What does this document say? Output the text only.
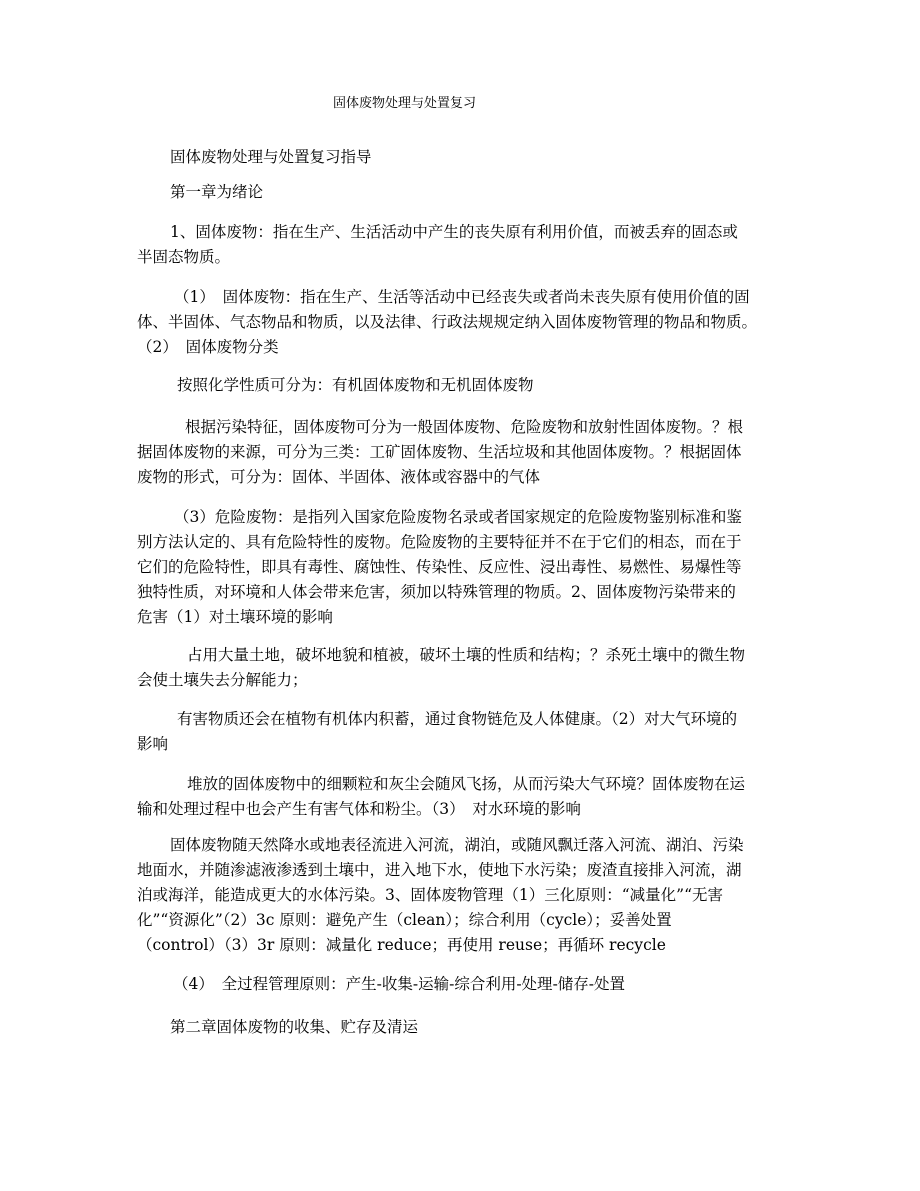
固体废物处理与处置复习
固体废物处理与处置复习指导
第一章为绪论
1、固体废物：指在生产、生活活动中产生的丧失原有利用价值，而被丢弃的固态或
半固态物质。
（1）　固体废物：指在生产、生活等活动中已经丧失或者尚未丧失原有使用价值的固
体、半固体、气态物品和物质，以及法律、行政法规规定纳入固体废物管理的物品和物质。
（2）　固体废物分类
按照化学性质可分为：有机固体废物和无机固体废物
根据污染特征，固体废物可分为一般固体废物、危险废物和放射性固体废物。？根
据固体废物的来源，可分为三类：工矿固体废物、生活垃圾和其他固体废物。？根据固体
废物的形式，可分为：固体、半固体、液体或容器中的气体
（3）危险废物：是指列入国家危险废物名录或者国家规定的危险废物鉴别标准和鉴
别方法认定的、具有危险特性的废物。危险废物的主要特征并不在于它们的相态，而在于
它们的危险特性，即具有毒性、腐蚀性、传染性、反应性、浸出毒性、易燃性、易爆性等
独特性质，对环境和人体会带来危害，须加以特殊管理的物质。2、固体废物污染带来的
危害（1）对土壤环境的影响
占用大量土地，破坏地貌和植被，破坏土壤的性质和结构；？杀死土壤中的微生物
会使土壤失去分解能力；
有害物质还会在植物有机体内积蓄，通过食物链危及人体健康。（2）对大气环境的
影响
堆放的固体废物中的细颗粒和灰尘会随风飞扬，从而污染大气环境？固体废物在运
输和处理过程中也会产生有害气体和粉尘。（3）　对水环境的影响
固体废物随天然降水或地表径流进入河流，湖泊，或随风飘迁落入河流、湖泊、污染
地面水，并随渗滤液渗透到土壤中，进入地下水，使地下水污染；废渣直接排入河流，湖
泊或海洋，能造成更大的水体污染。3、固体废物管理（1）三化原则：“减量化”“无害
化”“资源化”（2）3c 原则：避免产生（clean）；综合利用（cycle）；妥善处置
（control）（3）3r 原则：减量化 reduce；再使用 reuse；再循环 recycle
（4）　全过程管理原则：产生-收集-运输-综合利用-处理-储存-处置
第二章固体废物的收集、贮存及清运
